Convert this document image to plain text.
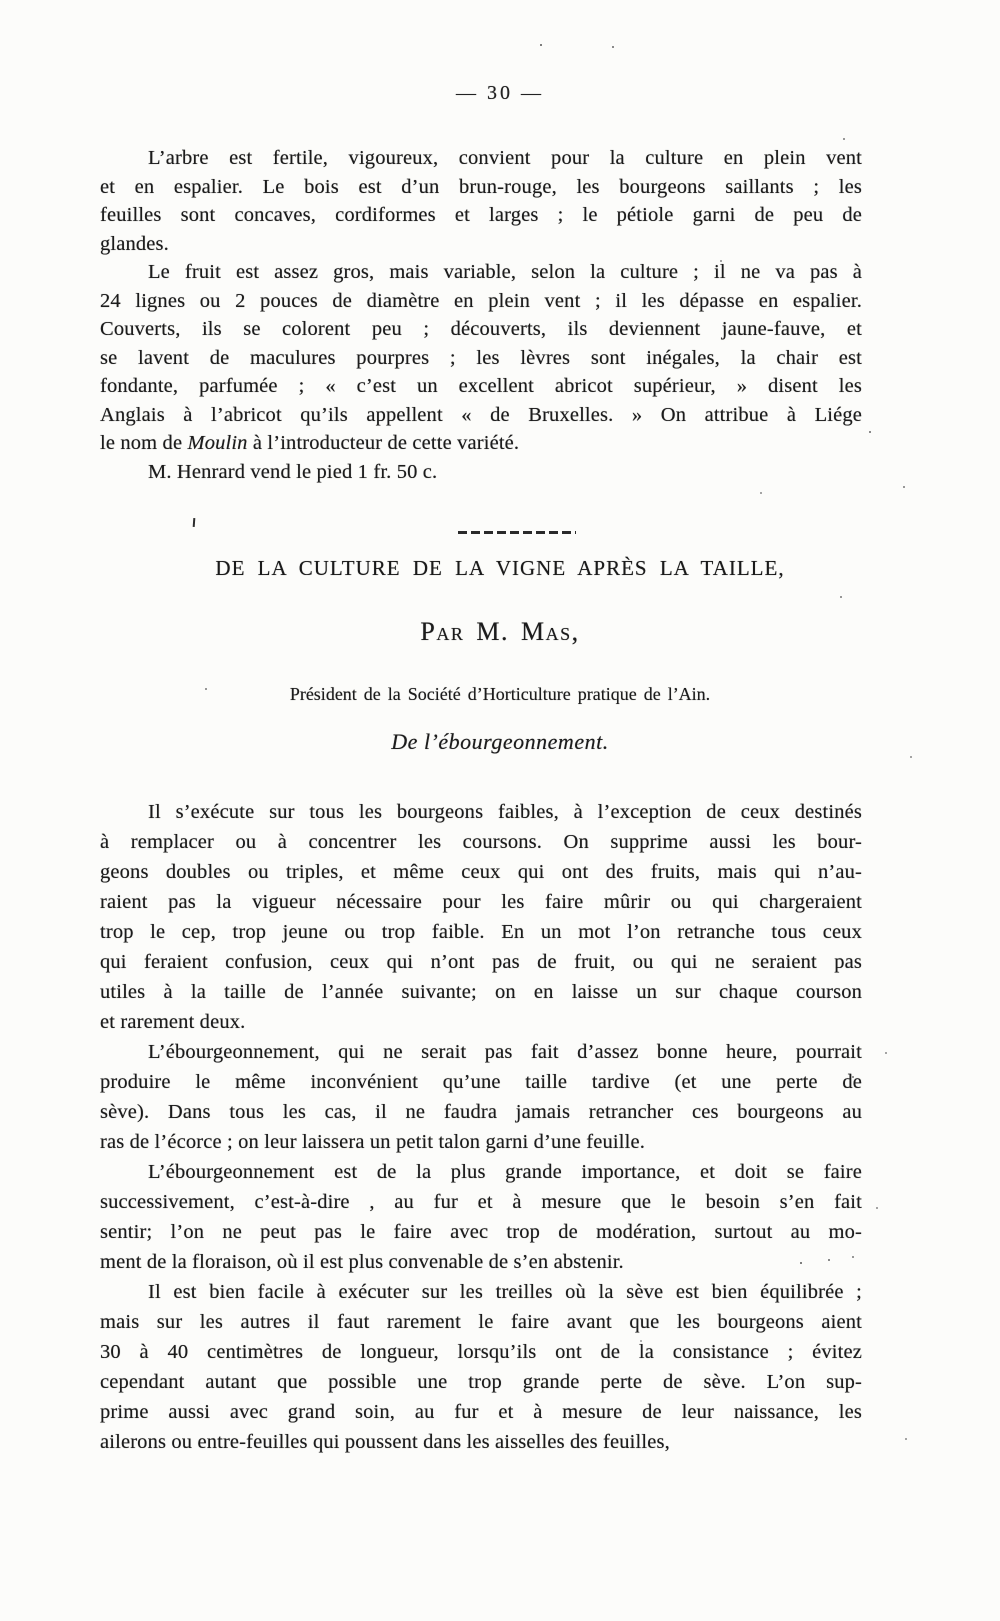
— 30 —
L’arbre est fertile, vigoureux, convient pour la culture en plein vent
et en espalier. Le bois est d’un brun-rouge, les bourgeons saillants ; les
feuilles sont concaves, cordiformes et larges ; le pétiole garni de peu de
glandes.
Le fruit est assez gros, mais variable, selon la culture ; il ne va pas à
24 lignes ou 2 pouces de diamètre en plein vent ; il les dépasse en espalier.
Couverts, ils se colorent peu ; découverts, ils deviennent jaune-fauve, et
se lavent de maculures pourpres ; les lèvres sont inégales, la chair est
fondante, parfumée ; « c’est un excellent abricot supérieur, » disent les
Anglais à l’abricot qu’ils appellent « de Bruxelles. » On attribue à Liége
le nom de Moulin à l’introducteur de cette variété.
M. Henrard vend le pied 1 fr. 50 c.
DE LA CULTURE DE LA VIGNE APRÈS LA TAILLE,
Par M. Mas,
Président de la Société d’Horticulture pratique de l’Ain.
De l’ébourgeonnement.
Il s’exécute sur tous les bourgeons faibles, à l’exception de ceux destinés
à remplacer ou à concentrer les coursons. On supprime aussi les bour-
geons doubles ou triples, et même ceux qui ont des fruits, mais qui n’au-
raient pas la vigueur nécessaire pour les faire mûrir ou qui chargeraient
trop le cep, trop jeune ou trop faible. En un mot l’on retranche tous ceux
qui feraient confusion, ceux qui n’ont pas de fruit, ou qui ne seraient pas
utiles à la taille de l’année suivante; on en laisse un sur chaque courson
et rarement deux.
L’ébourgeonnement, qui ne serait pas fait d’assez bonne heure, pourrait
produire le même inconvénient qu’une taille tardive (et une perte de
sève). Dans tous les cas, il ne faudra jamais retrancher ces bourgeons au
ras de l’écorce ; on leur laissera un petit talon garni d’une feuille.
L’ébourgeonnement est de la plus grande importance, et doit se faire
successivement, c’est-à-dire , au fur et à mesure que le besoin s’en fait
sentir; l’on ne peut pas le faire avec trop de modération, surtout au mo-
ment de la floraison, où il est plus convenable de s’en abstenir.
Il est bien facile à exécuter sur les treilles où la sève est bien équilibrée ;
mais sur les autres il faut rarement le faire avant que les bourgeons aient
30 à 40 centimètres de longueur, lorsqu’ils ont de la consistance ; évitez
cependant autant que possible une trop grande perte de sève. L’on sup-
prime aussi avec grand soin, au fur et à mesure de leur naissance, les
ailerons ou entre-feuilles qui poussent dans les aisselles des feuilles,
